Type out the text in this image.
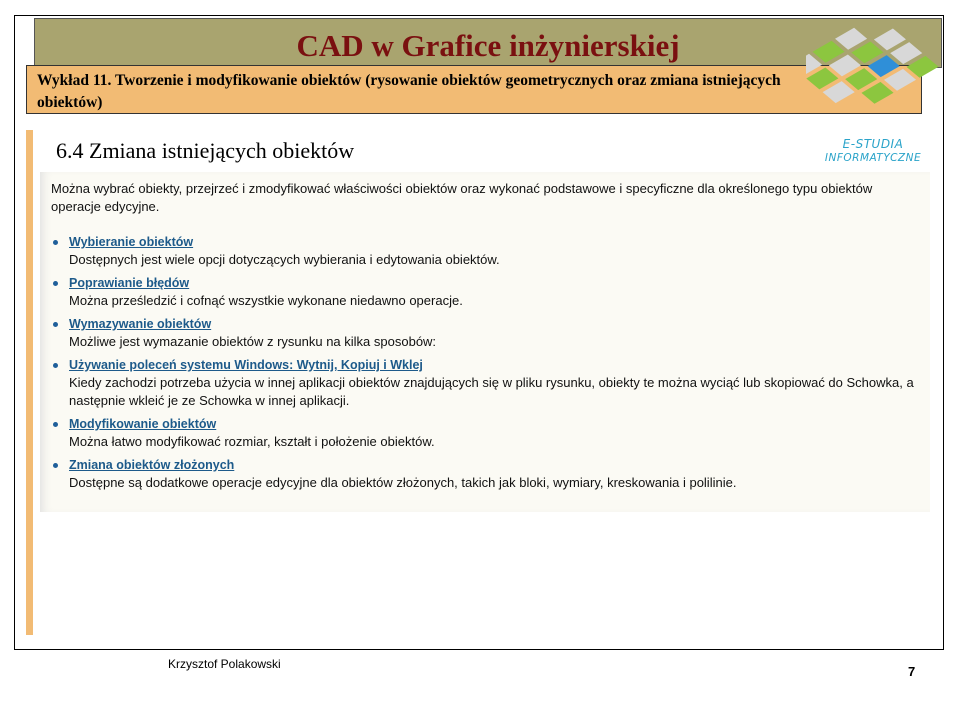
CAD w Grafice inżynierskiej
Wykład 11. Tworzenie i modyfikowanie obiektów (rysowanie obiektów geometrycznych oraz zmiana istniejących obiektów)
E-STUDIA
INFORMATYCZNE
6.4 Zmiana istniejących obiektów
Można wybrać obiekty, przejrzeć i zmodyfikować właściwości obiektów oraz wykonać podstawowe i specyficzne dla określonego typu obiektów operacje edycyjne.
Wybieranie obiektów
Dostępnych jest wiele opcji dotyczących wybierania i edytowania obiektów.
Poprawianie błędów
Można prześledzić i cofnąć wszystkie wykonane niedawno operacje.
Wymazywanie obiektów
Możliwe jest wymazanie obiektów z rysunku na kilka sposobów:
Używanie poleceń systemu Windows: Wytnij, Kopiuj i Wklej
Kiedy zachodzi potrzeba użycia w innej aplikacji obiektów znajdujących się w pliku rysunku, obiekty te można wyciąć lub skopiować do Schowka, a następnie wkleić je ze Schowka w innej aplikacji.
Modyfikowanie obiektów
Można łatwo modyfikować rozmiar, kształt i położenie obiektów.
Zmiana obiektów złożonych
Dostępne są dodatkowe operacje edycyjne dla obiektów złożonych, takich jak bloki, wymiary, kreskowania i polilinie.
Krzysztof Polakowski	7
